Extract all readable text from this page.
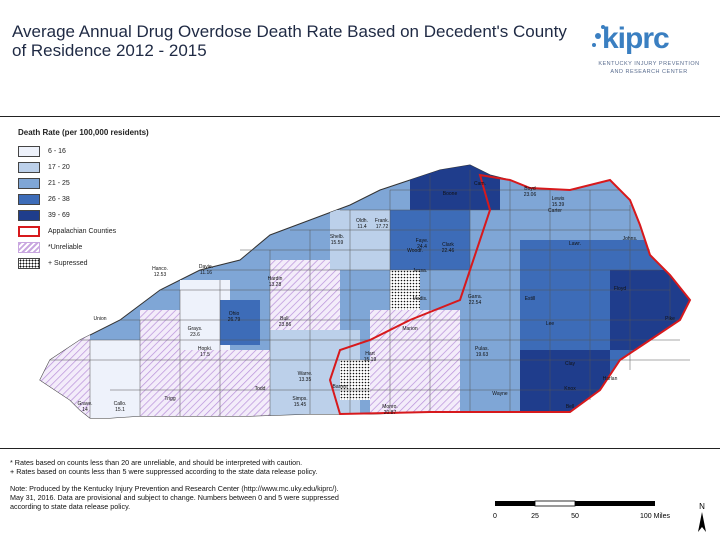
Average Annual Drug Overdose Death Rate Based on Decedent's County of Residence 2012 - 2015	kiprc
KENTUCKY INJURY PREVENTION
AND RESEARCH CENTER
Death Rate (per 100,000 residents)
6 - 16
17 - 20
21 - 25
26 - 38
39 - 69
Appalachian Counties
*Unreliable
+ Supressed
Hanco. 12.53
Davie. 11.16
Ohio 26.79
Grays. 23.6
Hardin 13.28
Bull. 23.86
Shelb. 15.59
Frank. 17.72
Woodf.
Faye. 24.4	Clark 22.46
Madis.
Boyd 23.06
Carter
Lewis 15.39
Lawr.
Floyd
Pike
Clay
Knox
Bell
Harlan
Pulas. 19.63
Wayne
Warre. 13.35
Barren
Simps. 15.45	Monro. 20.87
Marion
Hart 15.19
Todd
Trigg
Callo. 15.1
Grave. 14
Hopki. 17.5
Union
Oldh. 11.4
Cam.
Boone
Garra. 22.54
Jessa.
Estill
Lee
Johns.

* Rates based on counts less than 20 are unreliable, and should be interpreted with caution.

+ Rates based on counts less than 5 were suppressed according to the state data release policy.

Note: Produced by the Kentucky Injury Prevention and Research Center (http://www.mc.uky.edu/kiprc/).

May 31, 2016. Data are provisional and subject to change. Numbers between 0 and 5 were suppressed

according to state data release policy.

0	25	50	100 Miles
N
